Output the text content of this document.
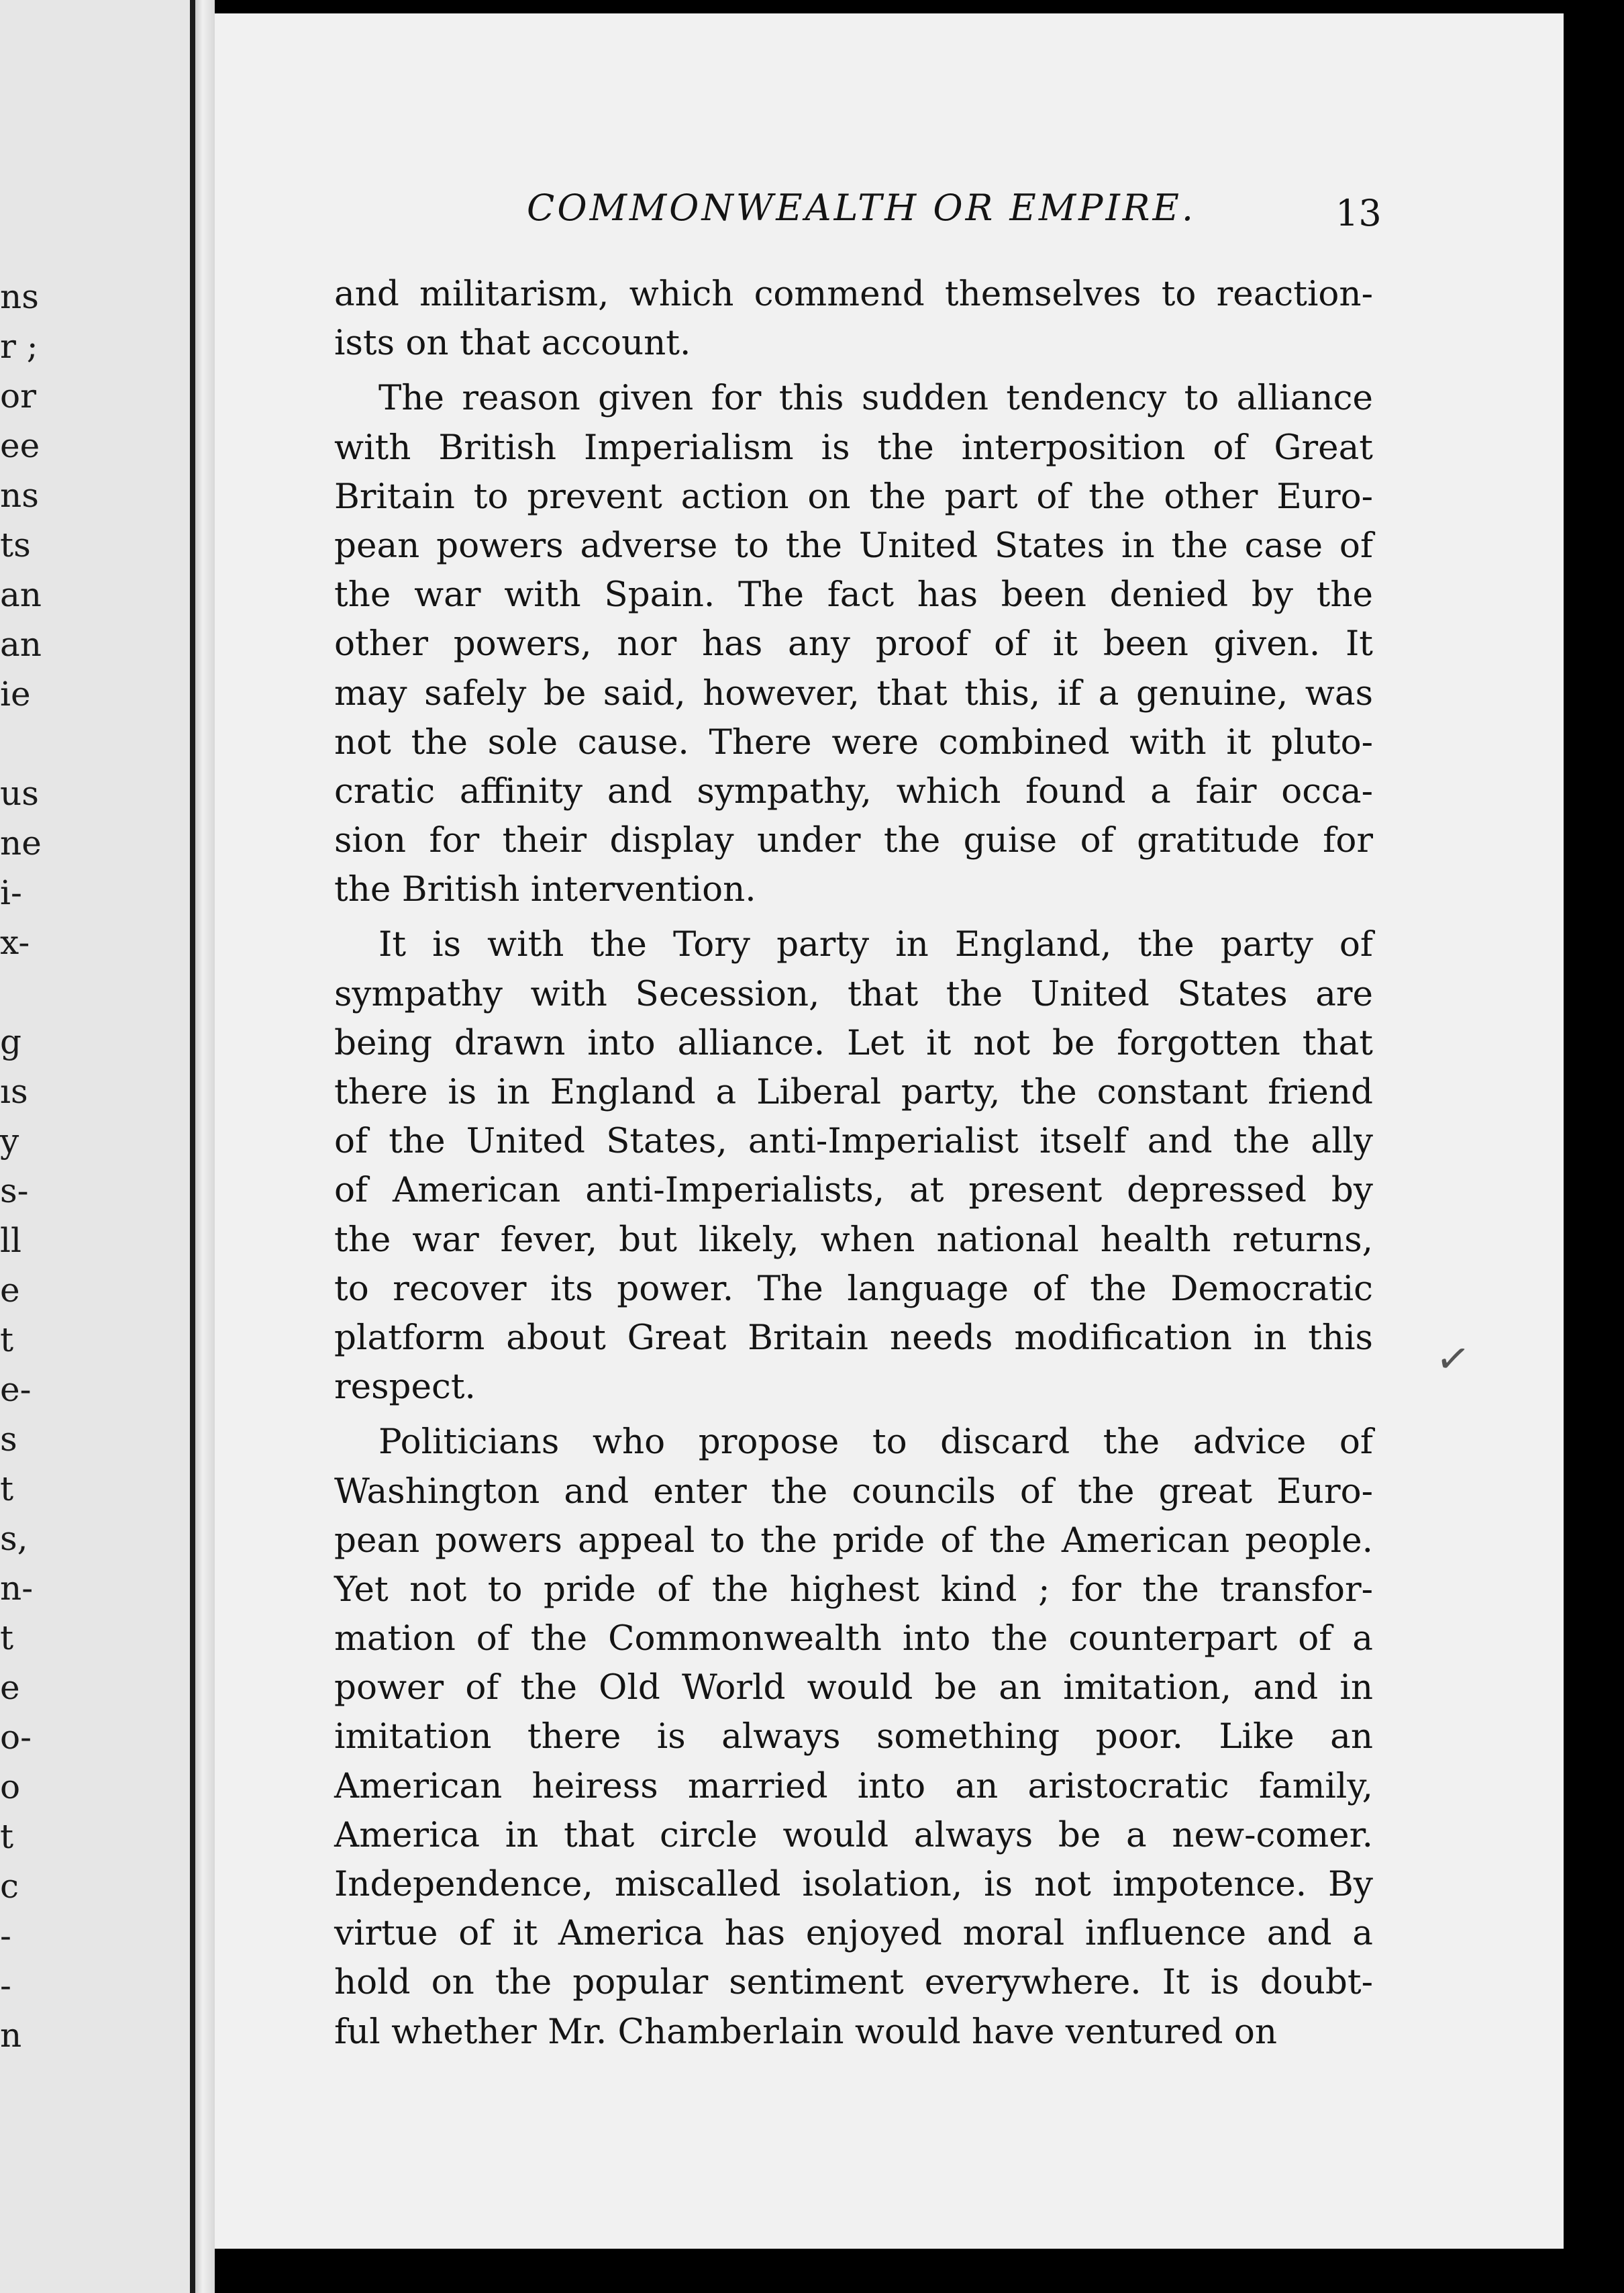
ns
r ;
or
ee
ns
ts
an
an
ie
us
ne
i-
x-
g
ıs
y
s-
ll
e
t
e-
s
t
s,
n-
t
e
o-
o
t
c
-
-
n
COMMONWEALTH OR EMPIRE.	13
and militarism, which commend themselves to reaction-
ists on that account.
The reason given for this sudden tendency to alliance
with British Imperialism is the interposition of Great
Britain to prevent action on the part of the other Euro-
pean powers adverse to the United States in the case of
the war with Spain. The fact has been denied by the
other powers, nor has any proof of it been given. It
may safely be said, however, that this, if a genuine, was
not the sole cause. There were combined with it pluto-
cratic affinity and sympathy, which found a fair occa-
sion for their display under the guise of gratitude for
the British intervention.
It is with the Tory party in England, the party of
sympathy with Secession, that the United States are
being drawn into alliance. Let it not be forgotten that
there is in England a Liberal party, the constant friend
of the United States, anti-Imperialist itself and the ally
of American anti-Imperialists, at present depressed by
the war fever, but likely, when national health returns,
to recover its power. The language of the Democratic
platform about Great Britain needs modification in this
respect.
Politicians who propose to discard the advice of
Washington and enter the councils of the great Euro-
pean powers appeal to the pride of the American people.
Yet not to pride of the highest kind ; for the transfor-
mation of the Commonwealth into the counterpart of a
power of the Old World would be an imitation, and in
imitation there is always something poor. Like an
American heiress married into an aristocratic family,
America in that circle would always be a new-comer.
Independence, miscalled isolation, is not impotence. By
virtue of it America has enjoyed moral influence and a
hold on the popular sentiment everywhere. It is doubt-
ful whether Mr. Chamberlain would have ventured on
✓
